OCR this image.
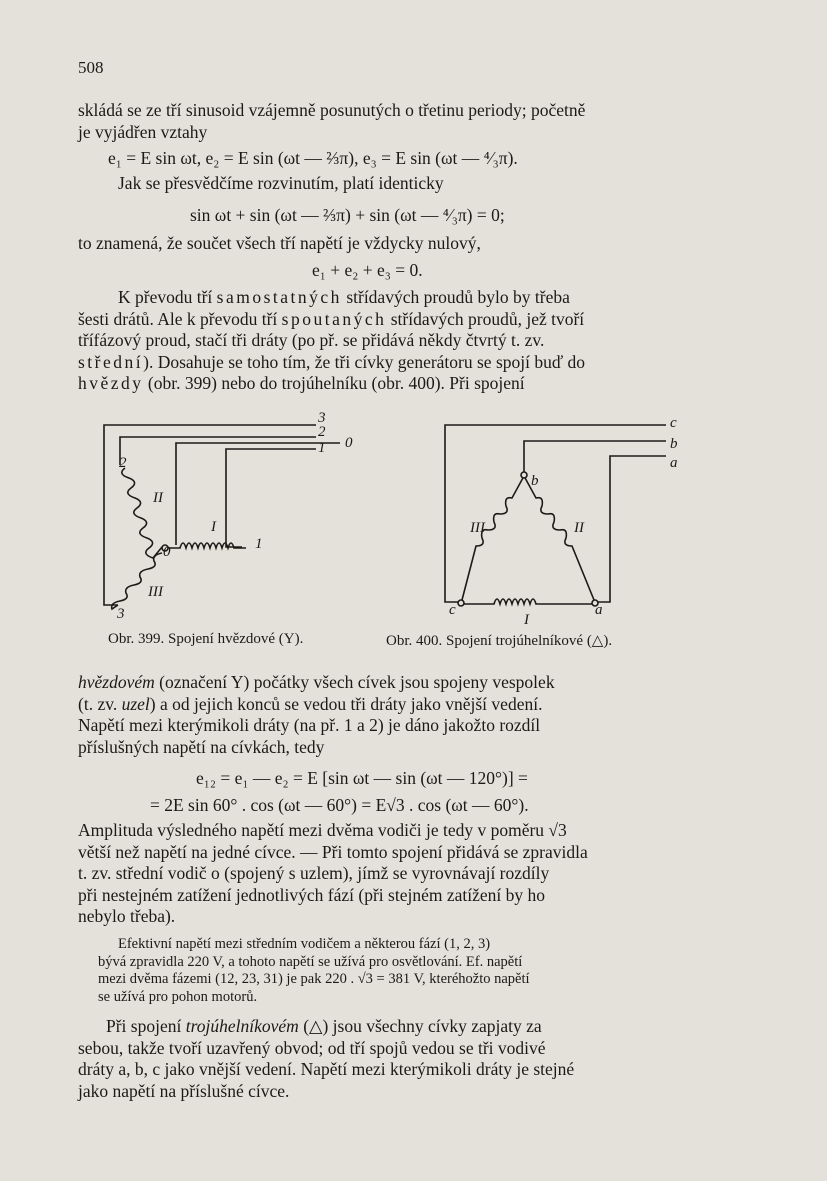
508
skládá se ze tří sinusoid vzájemně posunutých o třetinu periody; početně
je vyjádřen vztahy
e₁ = E sin ωt, e₂ = E sin (ωt — ⅔π), e₃ = E sin (ωt — ⁴⁄₃π).
Jak se přesvědčíme rozvinutím, platí identicky
sin ωt + sin (ωt — ⅔π) + sin (ωt — ⁴⁄₃π) = 0;
to znamená, že součet všech tří napětí je vždycky nulový,
e₁ + e₂ + e₃ = 0.
K převodu tří samostatných střídavých proudů bylo by třeba
šesti drátů. Ale k převodu tří spoutaných střídavých proudů, jež tvoří
třífázový proud, stačí tři dráty (po př. se přidává někdy čtvrtý t. zv.
střední). Dosahuje se toho tím, že tři cívky generátoru se spojí buď do
hvězdy (obr. 399) nebo do trojúhelníku (obr. 400). Při spojení
3
2
1 0
2
II
I
0	1
III
3
c
b
a
b
III	II
c	a
I
Obr. 399. Spojení hvězdové (Y).	Obr. 400. Spojení trojúhelníkové (△).
hvězdovém (označení Y) počátky všech cívek jsou spojeny vespolek
(t. zv. uzel) a od jejich konců se vedou tři dráty jako vnější vedení.
Napětí mezi kterýmikoli dráty (na př. 1 a 2) je dáno jakožto rozdíl
příslušných napětí na cívkách, tedy
e₁₂ = e₁ — e₂ = E [sin ωt — sin (ωt — 120°)] =
= 2E sin 60° . cos (ωt — 60°) = E√3 . cos (ωt — 60°).
Amplituda výsledného napětí mezi dvěma vodiči je tedy v poměru √3
větší než napětí na jedné cívce. — Při tomto spojení přidává se zpravidla
t. zv. střední vodič o (spojený s uzlem), jímž se vyrovnávají rozdíly
při nestejném zatížení jednotlivých fází (při stejném zatížení by ho
nebylo třeba).
Efektivní napětí mezi středním vodičem a některou fází (1, 2, 3)
bývá zpravidla 220 V, a tohoto napětí se užívá pro osvětlování. Ef. napětí
mezi dvěma fázemi (12, 23, 31) je pak 220 . √3 = 381 V, kteréhožto napětí
se užívá pro pohon motorů.
Při spojení trojúhelníkovém (△) jsou všechny cívky zapjaty za
sebou, takže tvoří uzavřený obvod; od tří spojů vedou se tři vodivé
dráty a, b, c jako vnější vedení. Napětí mezi kterýmikoli dráty je stejné
jako napětí na příslušné cívce.
